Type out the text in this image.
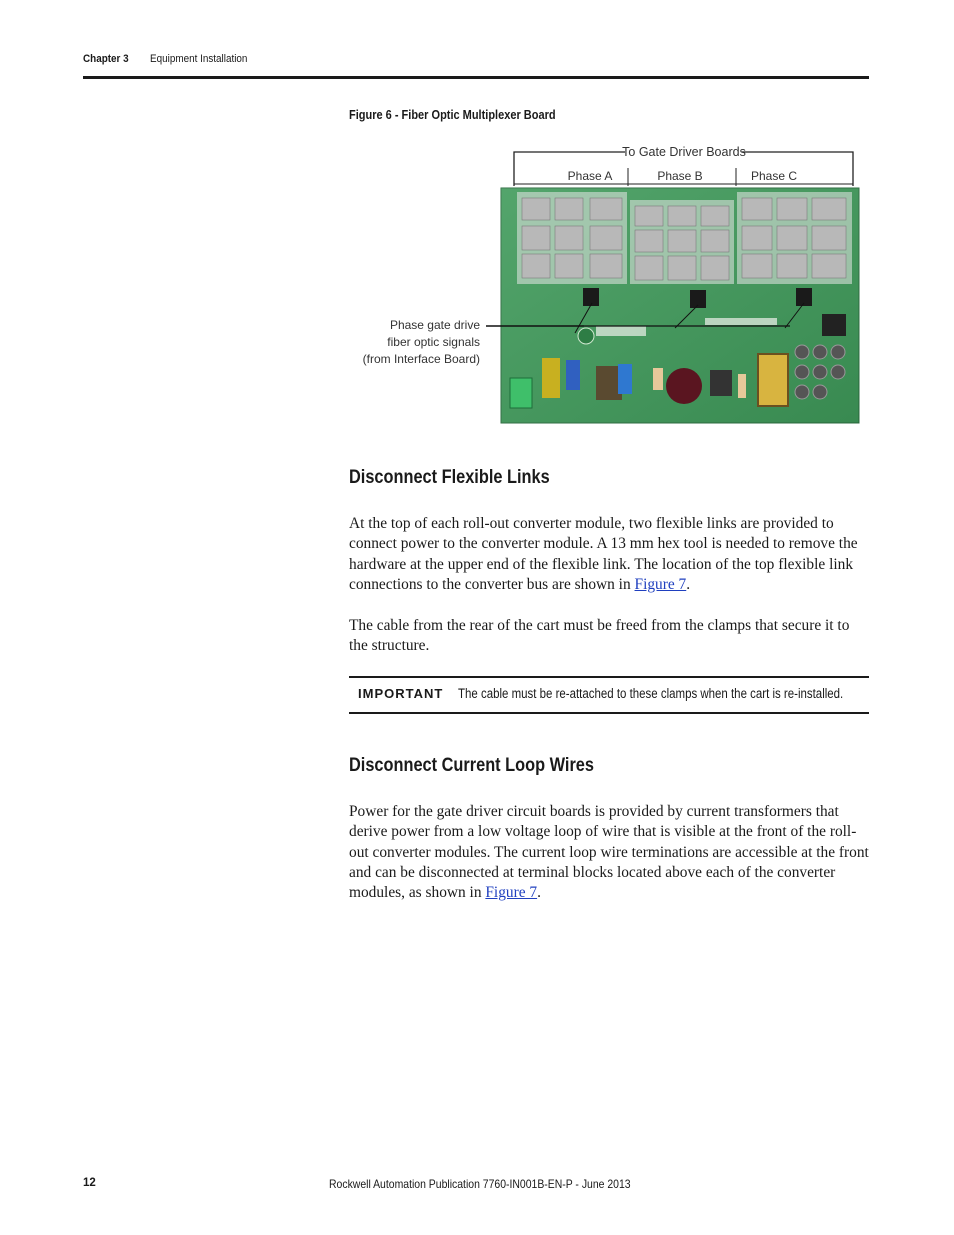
Chapter 3 Equipment Installation
Figure 6 - Fiber Optic Multiplexer Board
To Gate Driver Boards
Phase A	Phase B	Phase C
Phase gate drive
fiber optic signals
(from Interface Board)
Disconnect Flexible Links

At the top of each roll-out converter module, two flexible links are provided to connect power to the converter module. A 13 mm hex tool is needed to remove the hardware at the upper end of the flexible link. The location of the top flexible link connections to the converter bus are shown in Figure 7.

The cable from the rear of the cart must be freed from the clamps that secure it to the structure.

IMPORTANT The cable must be re-attached to these clamps when the cart is re-installed.
Disconnect Current Loop Wires

Power for the gate driver circuit boards is provided by current transformers that derive power from a low voltage loop of wire that is visible at the front of the roll-out converter modules. The current loop wire terminations are accessible at the front and can be disconnected at terminal blocks located above each of the converter modules, as shown in Figure 7.

12	Rockwell Automation Publication 7760-IN001B-EN-P - June 2013
